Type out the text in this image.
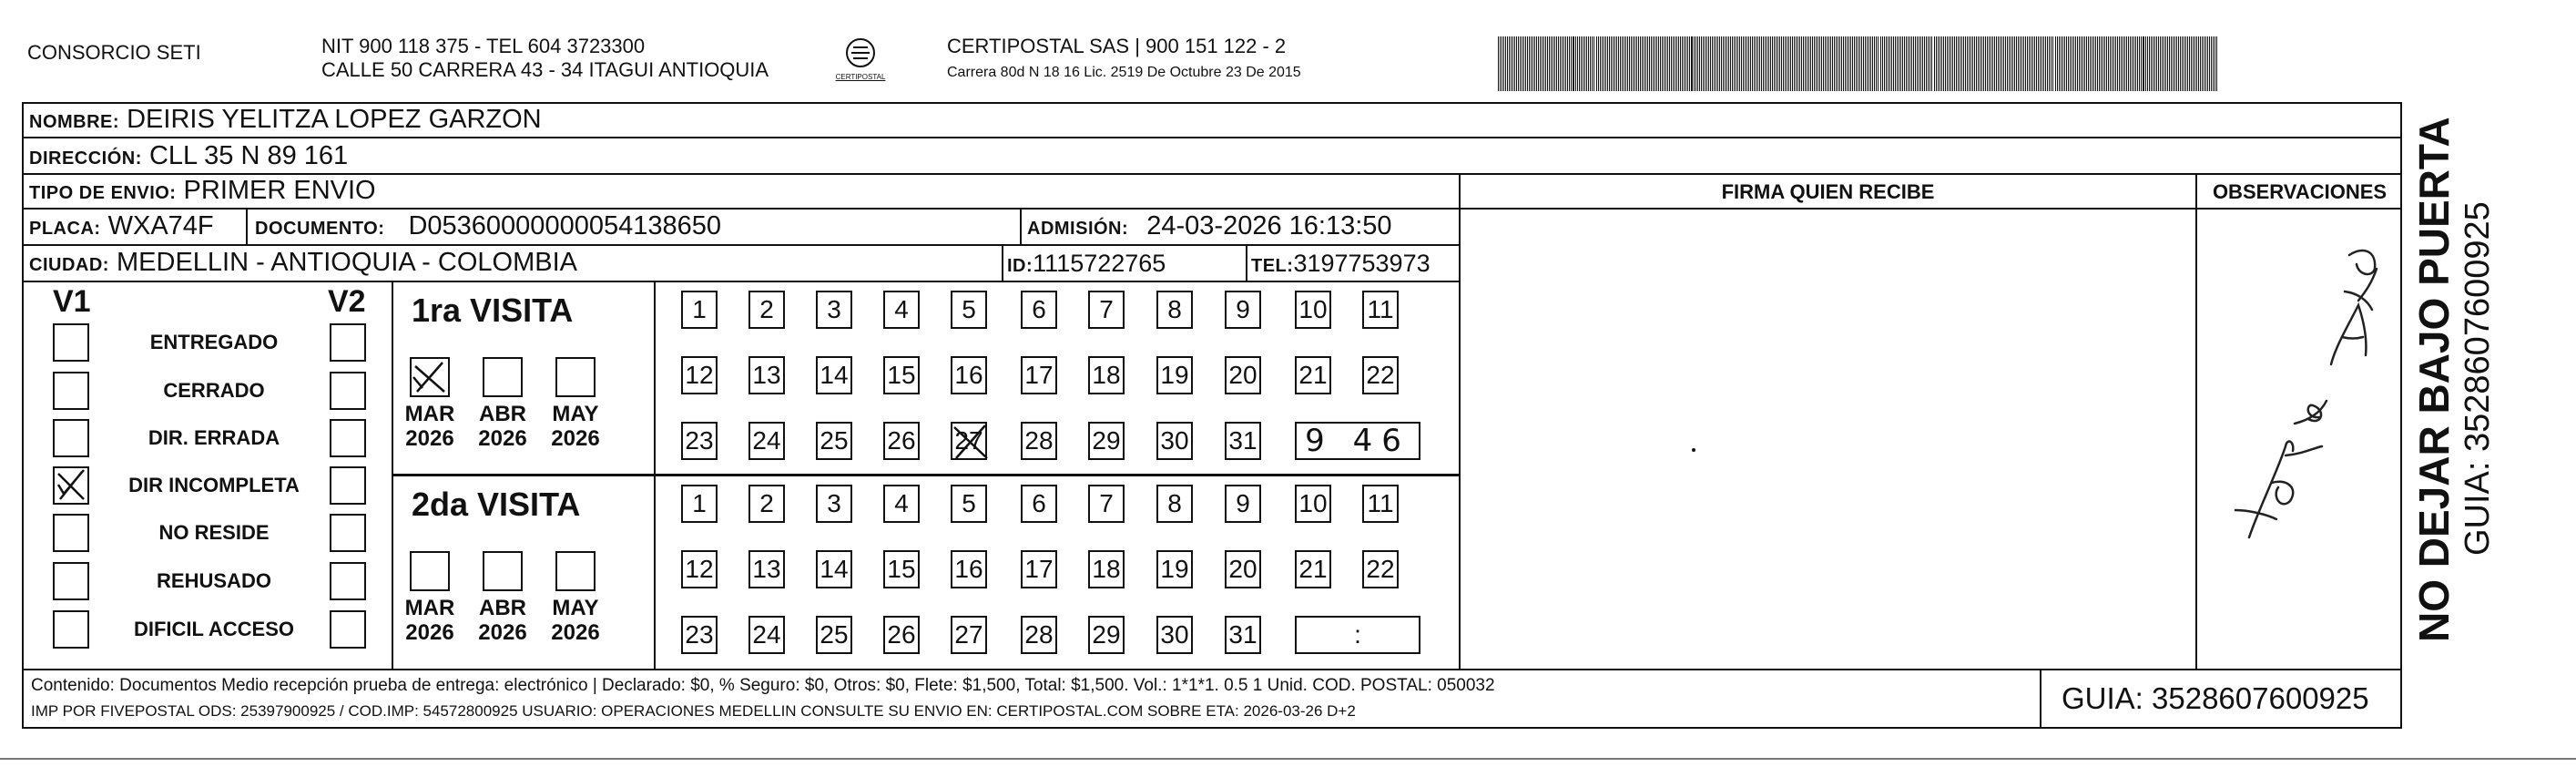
CONSORCIO SETI	NIT 900 118 375 - TEL 604 3723300
CALLE 50 CARRERA 43 - 34 ITAGUI ANTIOQUIA	CERTIPOSTAL
CERTIPOSTAL SAS | 900 151 122 - 2
Carrera 80d N 18 16 Lic. 2519 De Octubre 23 De 2015
NOMBRE: DEIRIS YELITZA LOPEZ GARZON
DIRECCIÓN: CLL 35 N 89 161
TIPO DE ENVIO: PRIMER ENVIO
PLACA: WXA74F DOCUMENTO: D05360000000054138650	ADMISIÓN: 24-03-2026 16:13:50
CIUDAD: MEDELLIN - ANTIOQUIA - COLOMBIA	ID:1115722765	TEL:3197753973
FIRMA QUIEN RECIBE	OBSERVACIONES
V1	V2
ENTREGADO
CERRADO
DIR. ERRADA
DIR INCOMPLETA
NO RESIDE
REHUSADO
DIFICIL ACCESO
1ra VISITA
MAR
2026
ABR
2026
MAY
2026
1	2	3	4	5	6	7	8	9	10 11
12 13 14 15 16 17 18 19 20 21 22
23 24 25 26 27 28 29 30 31	9 46
2da VISITA
MAR
2026
ABR
2026
MAY
2026
1	2	3	4	5	6	7	8	9	10 11
12 13 14 15 16 17 18 19 20 21 22
23 24 25 26 27 28 29 30 31	:
Contenido: Documentos Medio recepción prueba de entrega: electrónico | Declarado: $0, % Seguro: $0, Otros: $0, Flete: $1,500, Total: $1,500. Vol.: 1*1*1. 0.5 1 Unid. COD. POSTAL: 050032
IMP POR FIVEPOSTAL ODS: 25397900925 / COD.IMP: 54572800925 USUARIO: OPERACIONES MEDELLIN CONSULTE SU ENVIO EN: CERTIPOSTAL.COM SOBRE ETA: 2026-03-26 D+2	GUIA: 3528607600925
NO DEJAR BAJO PUERTA GUIA: 3528607600925
